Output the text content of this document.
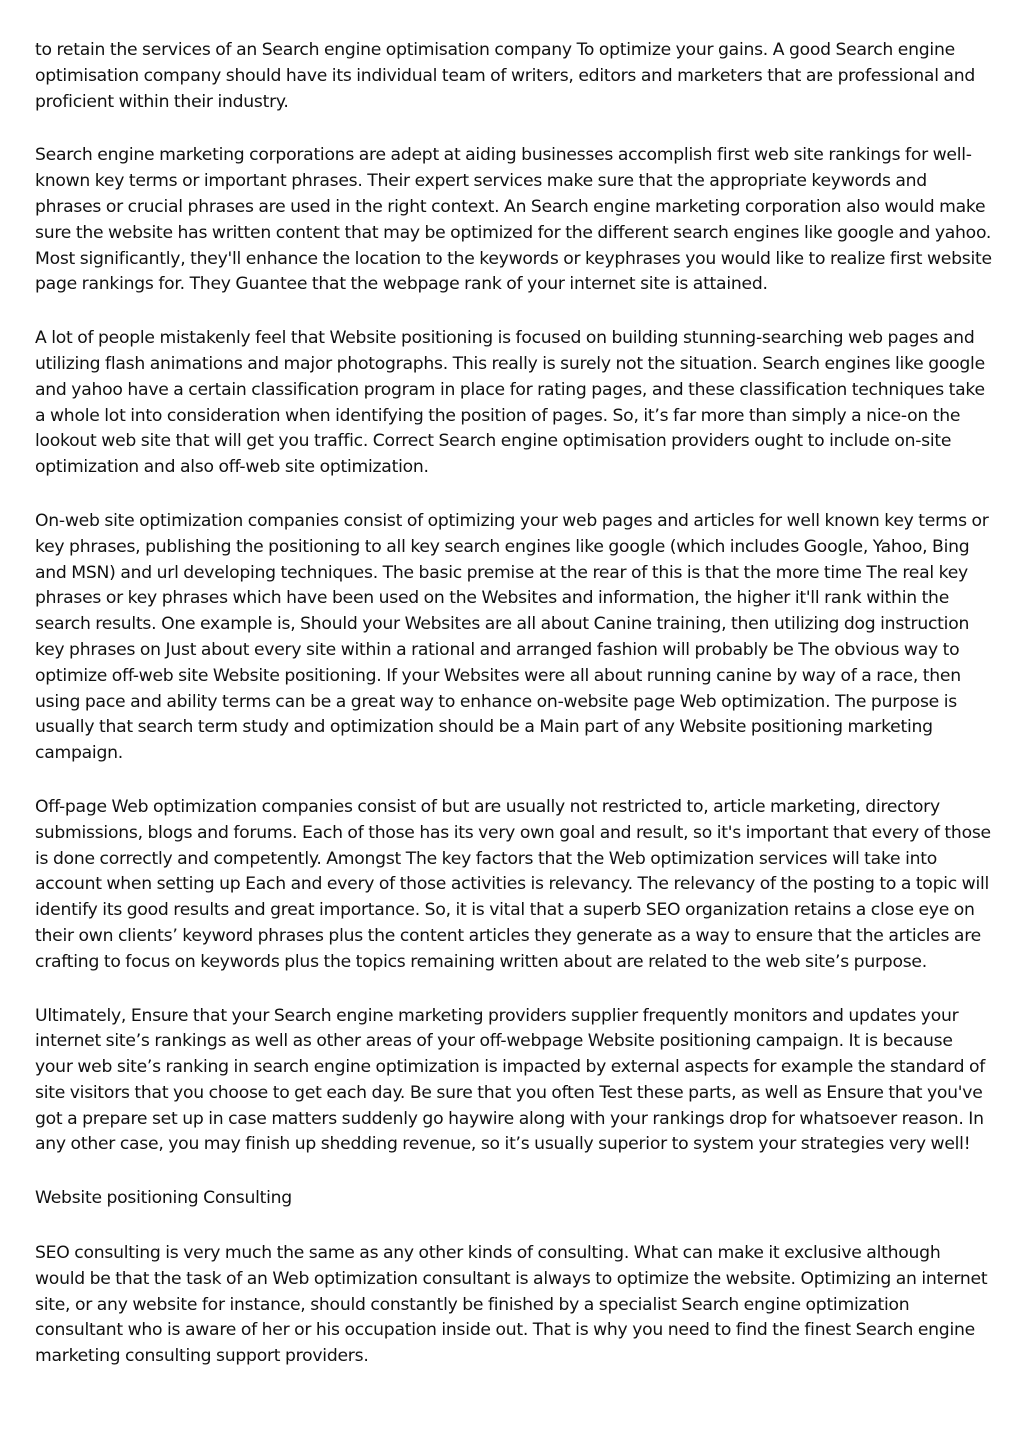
to retain the services of an Search engine optimisation company To optimize your gains. A good Search engine optimisation company should have its individual team of writers, editors and marketers that are professional and proficient within their industry.

Search engine marketing corporations are adept at aiding businesses accomplish first web site rankings for well-known key terms or important phrases. Their expert services make sure that the appropriate keywords and phrases or crucial phrases are used in the right context. An Search engine marketing corporation also would make sure the website has written content that may be optimized for the different search engines like google and yahoo. Most significantly, they'll enhance the location to the keywords or keyphrases you would like to realize first website page rankings for. They Guantee that the webpage rank of your internet site is attained.

A lot of people mistakenly feel that Website positioning is focused on building stunning-searching web pages and utilizing flash animations and major photographs. This really is surely not the situation. Search engines like google and yahoo have a certain classification program in place for rating pages, and these classification techniques take a whole lot into consideration when identifying the position of pages. So, it’s far more than simply a nice-on the lookout web site that will get you traffic. Correct Search engine optimisation providers ought to include on-site optimization and also off-web site optimization.

On-web site optimization companies consist of optimizing your web pages and articles for well known key terms or key phrases, publishing the positioning to all key search engines like google (which includes Google, Yahoo, Bing and MSN) and url developing techniques. The basic premise at the rear of this is that the more time The real key phrases or key phrases which have been used on the Websites and information, the higher it'll rank within the search results. One example is, Should your Websites are all about Canine training, then utilizing dog instruction key phrases on Just about every site within a rational and arranged fashion will probably be The obvious way to optimize off-web site Website positioning. If your Websites were all about running canine by way of a race, then using pace and ability terms can be a great way to enhance on-website page Web optimization. The purpose is usually that search term study and optimization should be a Main part of any Website positioning marketing campaign.

Off-page Web optimization companies consist of but are usually not restricted to, article marketing, directory submissions, blogs and forums. Each of those has its very own goal and result, so it's important that every of those is done correctly and competently. Amongst The key factors that the Web optimization services will take into account when setting up Each and every of those activities is relevancy. The relevancy of the posting to a topic will identify its good results and great importance. So, it is vital that a superb SEO organization retains a close eye on their own clients’ keyword phrases plus the content articles they generate as a way to ensure that the articles are crafting to focus on keywords plus the topics remaining written about are related to the web site’s purpose.

Ultimately, Ensure that your Search engine marketing providers supplier frequently monitors and updates your internet site’s rankings as well as other areas of your off-webpage Website positioning campaign. It is because your web site’s ranking in search engine optimization is impacted by external aspects for example the standard of site visitors that you choose to get each day. Be sure that you often Test these parts, as well as Ensure that you've got a prepare set up in case matters suddenly go haywire along with your rankings drop for whatsoever reason. In any other case, you may finish up shedding revenue, so it’s usually superior to system your strategies very well!

Website positioning Consulting

SEO consulting is very much the same as any other kinds of consulting. What can make it exclusive although would be that the task of an Web optimization consultant is always to optimize the website. Optimizing an internet site, or any website for instance, should constantly be finished by a specialist Search engine optimization consultant who is aware of her or his occupation inside out. That is why you need to find the finest Search engine marketing consulting support providers.
